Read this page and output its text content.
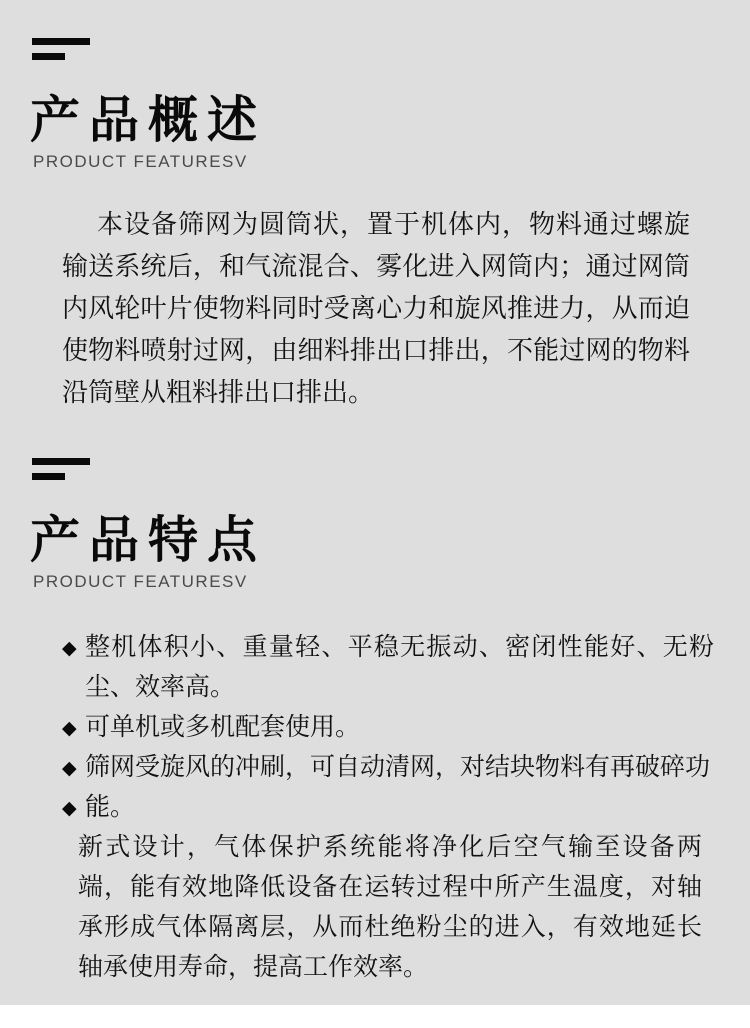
产品概述
PRODUCT FEATURESV

本设备筛网为圆筒状，置于机体内，物料通过螺旋输送系统后，和气流混合、雾化进入网筒内；通过网筒内风轮叶片使物料同时受离心力和旋风推进力，从而迫使物料喷射过网，由细料排出口排出，不能过网的物料沿筒壁从粗料排出口排出。

产品特点
PRODUCT FEATURESV
◆ 整机体积小、重量轻、平稳无振动、密闭性能好、无粉尘、效率高。
◆ 可单机或多机配套使用。
◆ 筛网受旋风的冲刷，可自动清网，对结块物料有再破碎功
◆ 能。

新式设计，气体保护系统能将净化后空气输至设备两端，能有效地降低设备在运转过程中所产生温度，对轴承形成气体隔离层，从而杜绝粉尘的进入，有效地延长轴承使用寿命，提高工作效率。
